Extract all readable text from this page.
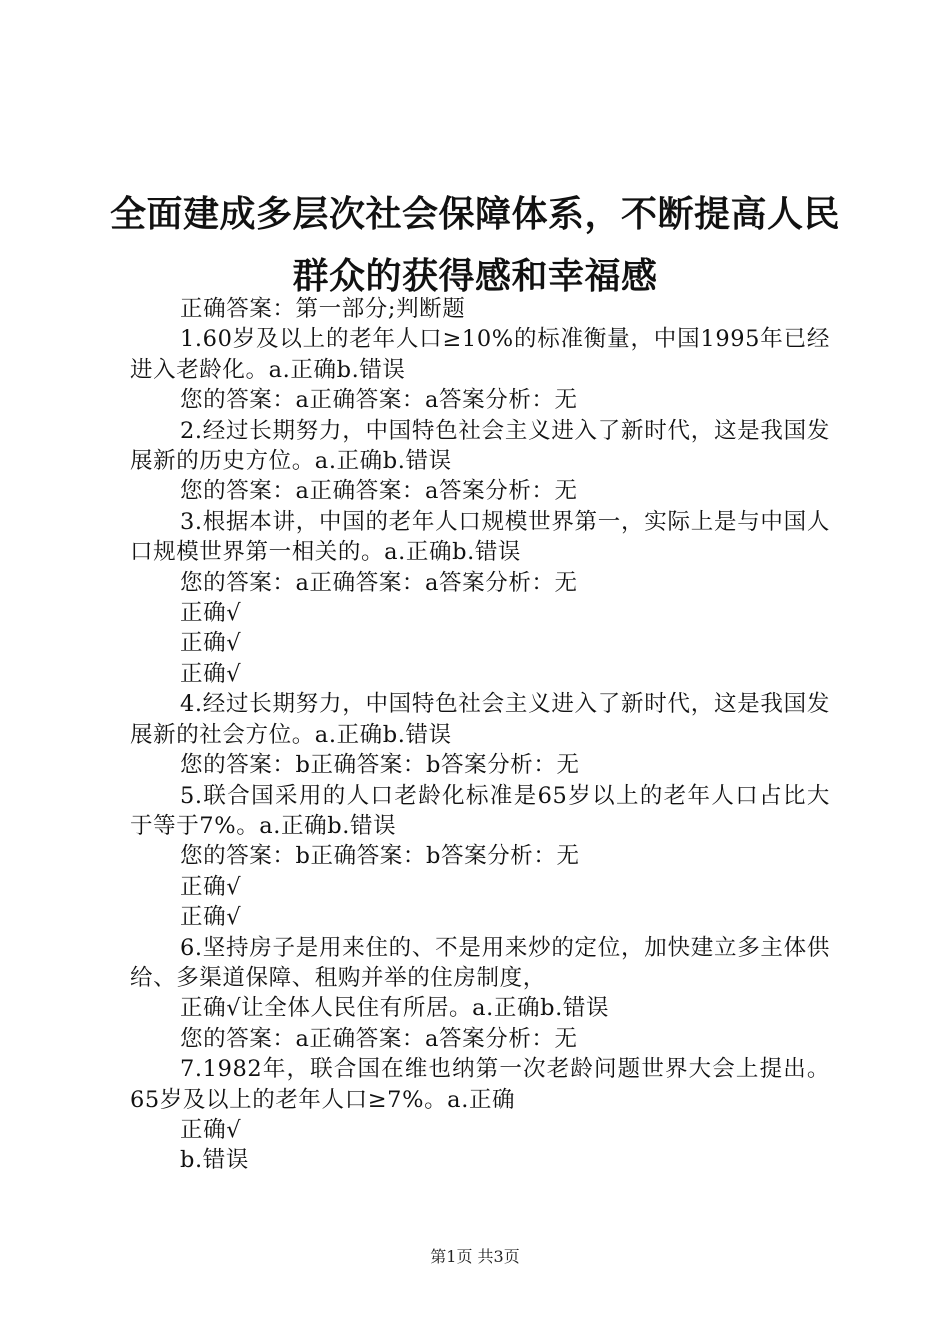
全面建成多层次社会保障体系，不断提高人民
群众的获得感和幸福感

正确答案：第一部分;判断题

1.60岁及以上的老年人口≥10%的标准衡量，中国1995年已经进入老龄化。a.正确b.错误

您的答案：a正确答案：a答案分析：无

2.经过长期努力，中国特色社会主义进入了新时代，这是我国发展新的历史方位。a.正确b.错误

您的答案：a正确答案：a答案分析：无

3.根据本讲，中国的老年人口规模世界第一，实际上是与中国人口规模世界第一相关的。a.正确b.错误

您的答案：a正确答案：a答案分析：无

正确√

正确√

正确√

4.经过长期努力，中国特色社会主义进入了新时代，这是我国发展新的社会方位。a.正确b.错误

您的答案：b正确答案：b答案分析：无

5.联合国采用的人口老龄化标准是65岁以上的老年人口占比大于等于7%。a.正确b.错误

您的答案：b正确答案：b答案分析：无

正确√

正确√

6.坚持房子是用来住的、不是用来炒的定位，加快建立多主体供给、多渠道保障、租购并举的住房制度，

正确√让全体人民住有所居。a.正确b.错误

您的答案：a正确答案：a答案分析：无

7.1982年，联合国在维也纳第一次老龄问题世界大会上提出。65岁及以上的老年人口≥7%。a.正确

正确√

b.错误

第1页 共3页
